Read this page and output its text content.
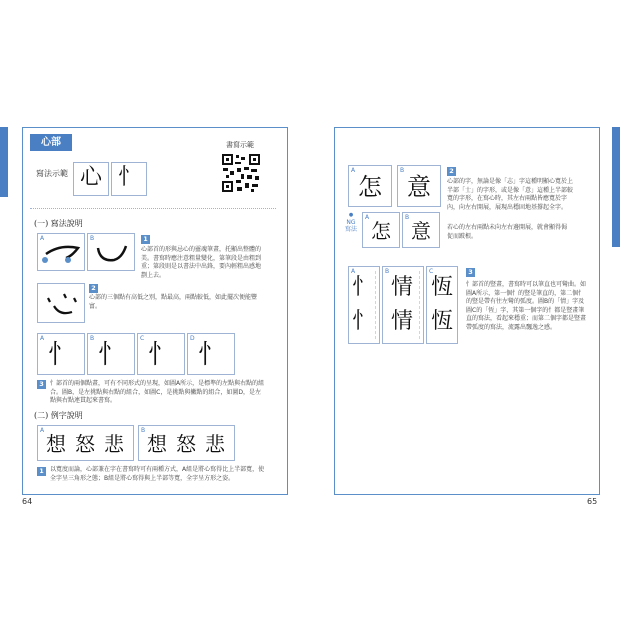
心部
寫法示範 心 忄
書寫示範
(一) 寫法說明
A	B	1
心部首的形與忌心的靈魂筆畫，托顯出整體的美。書寫時應注意粗量變化，第筆段是由粗到重；第段則是以書法中出鋒，要內輕粗出感地劃上去。
2
心部的三個點有高低之別，點最高，兩點較低，如此擺次便能豐富。
A
忄
B
忄
C
忄
D
忄
3	忄部首的兩個點畫，可有不同形式的呈現，如圖A所示，是標準的左點與右點的組合。圖B，是左挑點與右點的組合，如圖C，是挑點與撇點的組合，如圖D，是左點與右點連貫起來書寫。
(二) 例字說明
A
想 怒 悲
B
想 怒 悲
1	以寬度而論，心部兼在字在書寫時可有兩種方式，A組是將心寫得比上半部寬，使全字呈三角形之態；B組是將心寫得與上半部等寬，全字呈方形之姿。
64
A
怎
B
意
2
心部的字，無論是像「志」字這種明顯心寬於上半部「士」的字形，或是像「意」這種上半部較寬的字形，在寫心時，其左右兩點皆應寬於字內，向左右開展，展現出穩固地基撐起全字。
●
NG寫法
A
怎
B
意	若心的左右兩點未向左右邊開展，就會顯得侷促而跛根。
A
忄
忄
B
情
情
C
恆
恆
3
忄部首的豎畫，書寫時可以筆直也可彎曲。如圖A所示，第一個忄的豎是筆直的，第二個忄的豎是帶有往左彎的弧度。圖B的「情」字及圖C的「恆」字，其第一個字的忄都是豎畫筆直的寫法，看起來穩重；而第二個字都是豎畫帶弧度的寫法，流露出飄逸之感。
65
